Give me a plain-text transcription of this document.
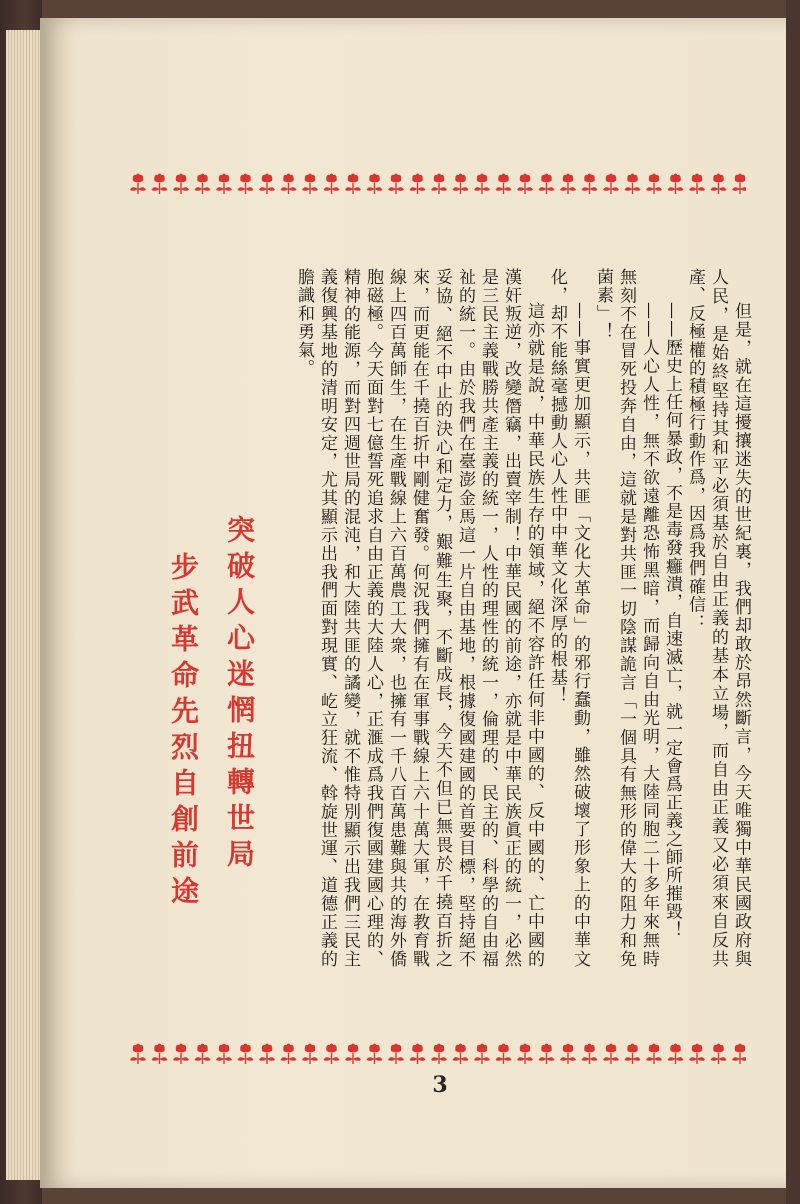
但是，就在這擾攘迷失的世紀裏，我們却敢於昂然斷言，今天唯獨中華民國政府與人民，是始終堅持其和平必須基於自由正義的基本立場，而自由正義又必須來自反共產、反極權的積極行動作爲，因爲我們確信：

——歷史上任何暴政，不是毒發癰潰，自速滅亡，就一定會爲正義之師所摧毀！

——人心人性，無不欲遠離恐怖黑暗，而歸向自由光明，大陸同胞二十多年來無時無刻不在冒死投奔自由，這就是對共匪一切陰謀詭言「一個具有無形的偉大的阻力和免菌素」！

——事實更加顯示，共匪「文化大革命」的邪行蠢動，雖然破壞了形象上的中華文化，却不能絲毫撼動人心人性中中華文化深厚的根基！

這亦就是說，中華民族生存的領域，絕不容許任何非中國的、反中國的、亡中國的漢奸叛逆，改變僭竊，出賣宰制！中華民國的前途，亦就是中華民族眞正的統一，必然是三民主義戰勝共產主義的統一，人性的理性的統一，倫理的、民主的、科學的自由福祉的統一。由於我們在臺澎金馬這一片自由基地，根據復國建國的首要目標，堅持絕不妥協、絕不中止的決心和定力，艱難生聚，不斷成長，今天不但已無畏於千撓百折之來，而更能在千撓百折中剛健奮發。何況我們擁有在軍事戰線上六十萬大軍，在教育戰線上四百萬師生，在生產戰線上六百萬農工大衆，也擁有一千八百萬患難與共的海外僑胞磁極。今天面對七億誓死追求自由正義的大陸人心，正滙成爲我們復國建國心理的、精神的能源，而對四週世局的混沌，和大陸共匪的譎變，就不惟特別顯示出我們三民主義復興基地的清明安定，尤其顯示出我們面對現實、屹立狂流、斡旋世運、道德正義的膽識和勇氣。

突破人心迷惘扭轉世局
步武革命先烈自創前途
3
